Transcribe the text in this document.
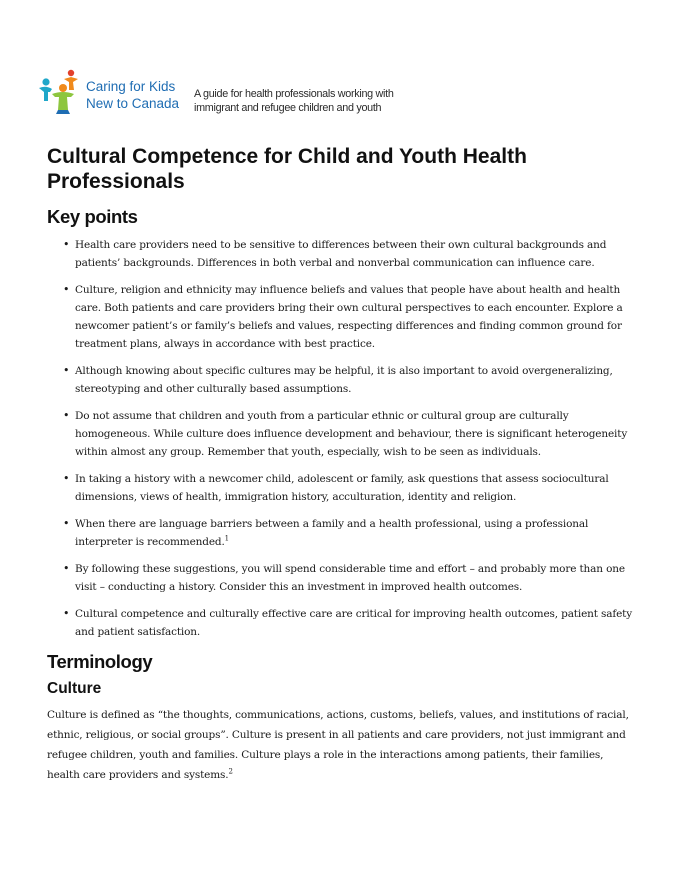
Caring for Kids
New to Canada
A guide for health professionals working with
immigrant and refugee children and youth
Cultural Competence for Child and Youth Health Professionals
Key points
• Health care providers need to be sensitive to differences between their own cultural backgrounds and patients’ backgrounds. Differences in both verbal and nonverbal communication can influence care.
• Culture, religion and ethnicity may influence beliefs and values that people have about health and health care. Both patients and care providers bring their own cultural perspectives to each encounter. Explore a newcomer patient’s or family’s beliefs and values, respecting differences and finding common ground for treatment plans, always in accordance with best practice.
• Although knowing about specific cultures may be helpful, it is also important to avoid overgeneralizing, stereotyping and other culturally based assumptions.
• Do not assume that children and youth from a particular ethnic or cultural group are culturally homogeneous. While culture does influence development and behaviour, there is significant heterogeneity within almost any group. Remember that youth, especially, wish to be seen as individuals.
• In taking a history with a newcomer child, adolescent or family, ask questions that assess sociocultural dimensions, views of health, immigration history, acculturation, identity and religion.
• When there are language barriers between a family and a health professional, using a professional interpreter is recommended.$^1$
• By following these suggestions, you will spend considerable time and effort – and probably more than one visit – conducting a history. Consider this an investment in improved health outcomes.
• Cultural competence and culturally effective care are critical for improving health outcomes, patient safety and patient satisfaction.
Terminology
Culture

Culture is defined as “the thoughts, communications, actions, customs, beliefs, values, and institutions of racial, ethnic, religious, or social groups”. Culture is present in all patients and care providers, not just immigrant and refugee children, youth and families. Culture plays a role in the interactions among patients, their families, health care providers and systems.$^2$
